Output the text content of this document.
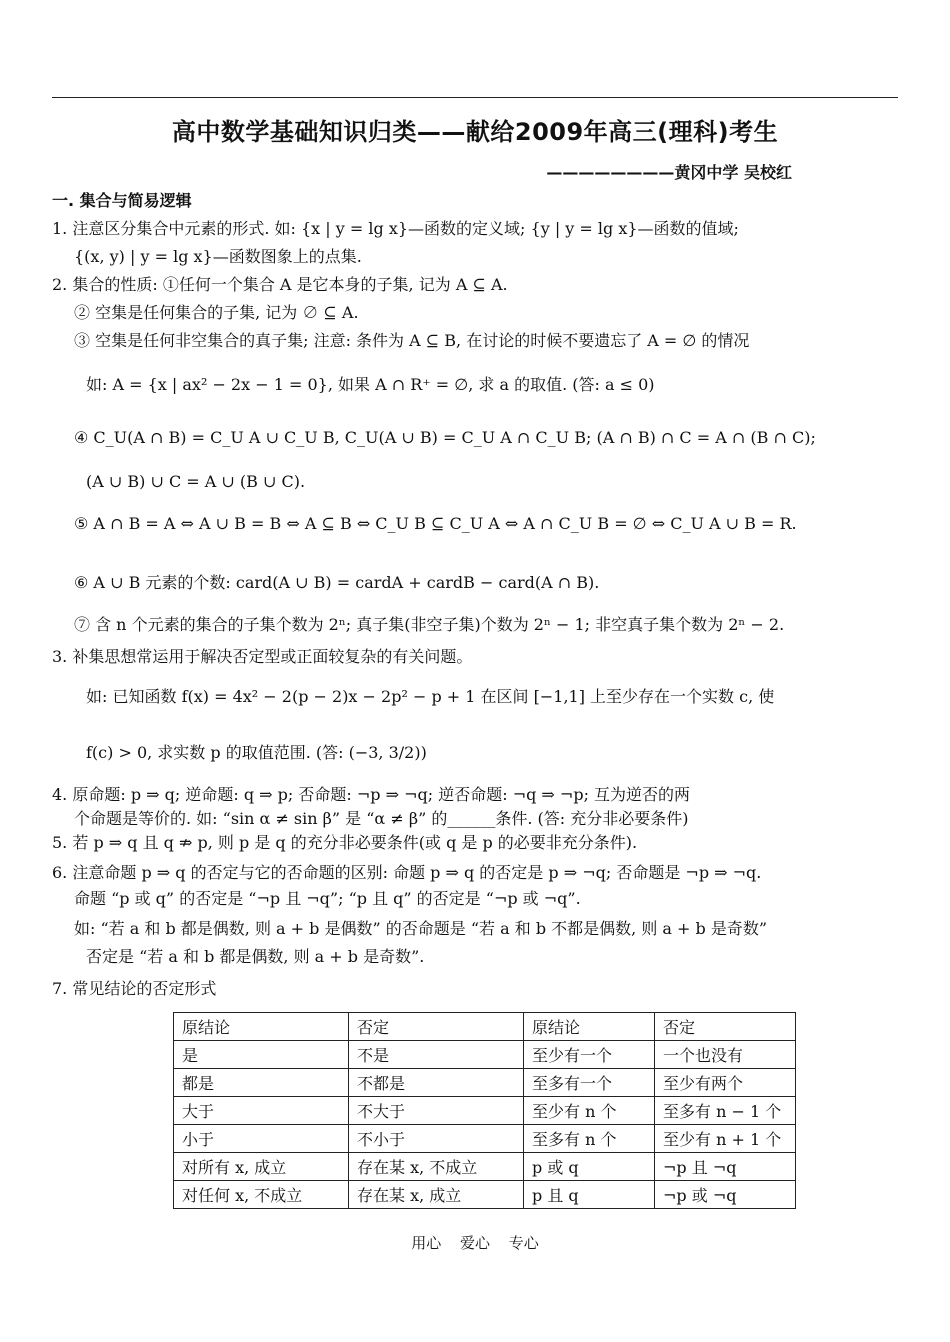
高中数学基础知识归类——献给2009年高三(理科)考生
————————黄冈中学 吴校红
一. 集合与简易逻辑
1. 注意区分集合中元素的形式. 如: {x | y = lg x}—函数的定义域; {y | y = lg x}—函数的值域;
{(x, y) | y = lg x}—函数图象上的点集.
2. 集合的性质: ①任何一个集合 A 是它本身的子集, 记为 A ⊆ A.
② 空集是任何集合的子集, 记为 ∅ ⊆ A.
③ 空集是任何非空集合的真子集; 注意: 条件为 A ⊆ B, 在讨论的时候不要遗忘了 A = ∅ 的情况
如: A = {x | ax² − 2x − 1 = 0}, 如果 A ∩ R⁺ = ∅, 求 a 的取值. (答: a ≤ 0)
④ C_U(A ∩ B) = C_U A ∪ C_U B, C_U(A ∪ B) = C_U A ∩ C_U B; (A ∩ B) ∩ C = A ∩ (B ∩ C);
(A ∪ B) ∪ C = A ∪ (B ∪ C).
⑤ A ∩ B = A ⇔ A ∪ B = B ⇔ A ⊆ B ⇔ C_U B ⊆ C_U A ⇔ A ∩ C_U B = ∅ ⇔ C_U A ∪ B = R.
⑥ A ∪ B 元素的个数: card(A ∪ B) = cardA + cardB − card(A ∩ B).
⑦ 含 n 个元素的集合的子集个数为 2ⁿ; 真子集(非空子集)个数为 2ⁿ − 1; 非空真子集个数为 2ⁿ − 2.
3. 补集思想常运用于解决否定型或正面较复杂的有关问题。
如: 已知函数 f(x) = 4x² − 2(p − 2)x − 2p² − p + 1 在区间 [−1,1] 上至少存在一个实数 c, 使
f(c) > 0, 求实数 p 的取值范围. (答: (−3, 3/2))
4. 原命题: p ⇒ q; 逆命题: q ⇒ p; 否命题: ¬p ⇒ ¬q; 逆否命题: ¬q ⇒ ¬p; 互为逆否的两
个命题是等价的. 如: “sin α ≠ sin β” 是 “α ≠ β” 的______条件. (答: 充分非必要条件)
5. 若 p ⇒ q 且 q ⇏ p, 则 p 是 q 的充分非必要条件(或 q 是 p 的必要非充分条件).
6. 注意命题 p ⇒ q 的否定与它的否命题的区别: 命题 p ⇒ q 的否定是 p ⇒ ¬q; 否命题是 ¬p ⇒ ¬q.
命题 “p 或 q” 的否定是 “¬p 且 ¬q”; “p 且 q” 的否定是 “¬p 或 ¬q”.
如: “若 a 和 b 都是偶数, 则 a + b 是偶数” 的否命题是 “若 a 和 b 不都是偶数, 则 a + b 是奇数”
否定是 “若 a 和 b 都是偶数, 则 a + b 是奇数”.
7. 常见结论的否定形式
原结论	否定	原结论	否定
是	不是	至少有一个	一个也没有
都是	不都是	至多有一个	至少有两个
大于	不大于	至少有 n 个	至多有 n − 1 个
小于	不小于	至多有 n 个	至少有 n + 1 个
对所有 x, 成立	存在某 x, 不成立	p 或 q	¬p 且 ¬q
对任何 x, 不成立	存在某 x, 成立	p 且 q	¬p 或 ¬q
用心 爱心 专心
